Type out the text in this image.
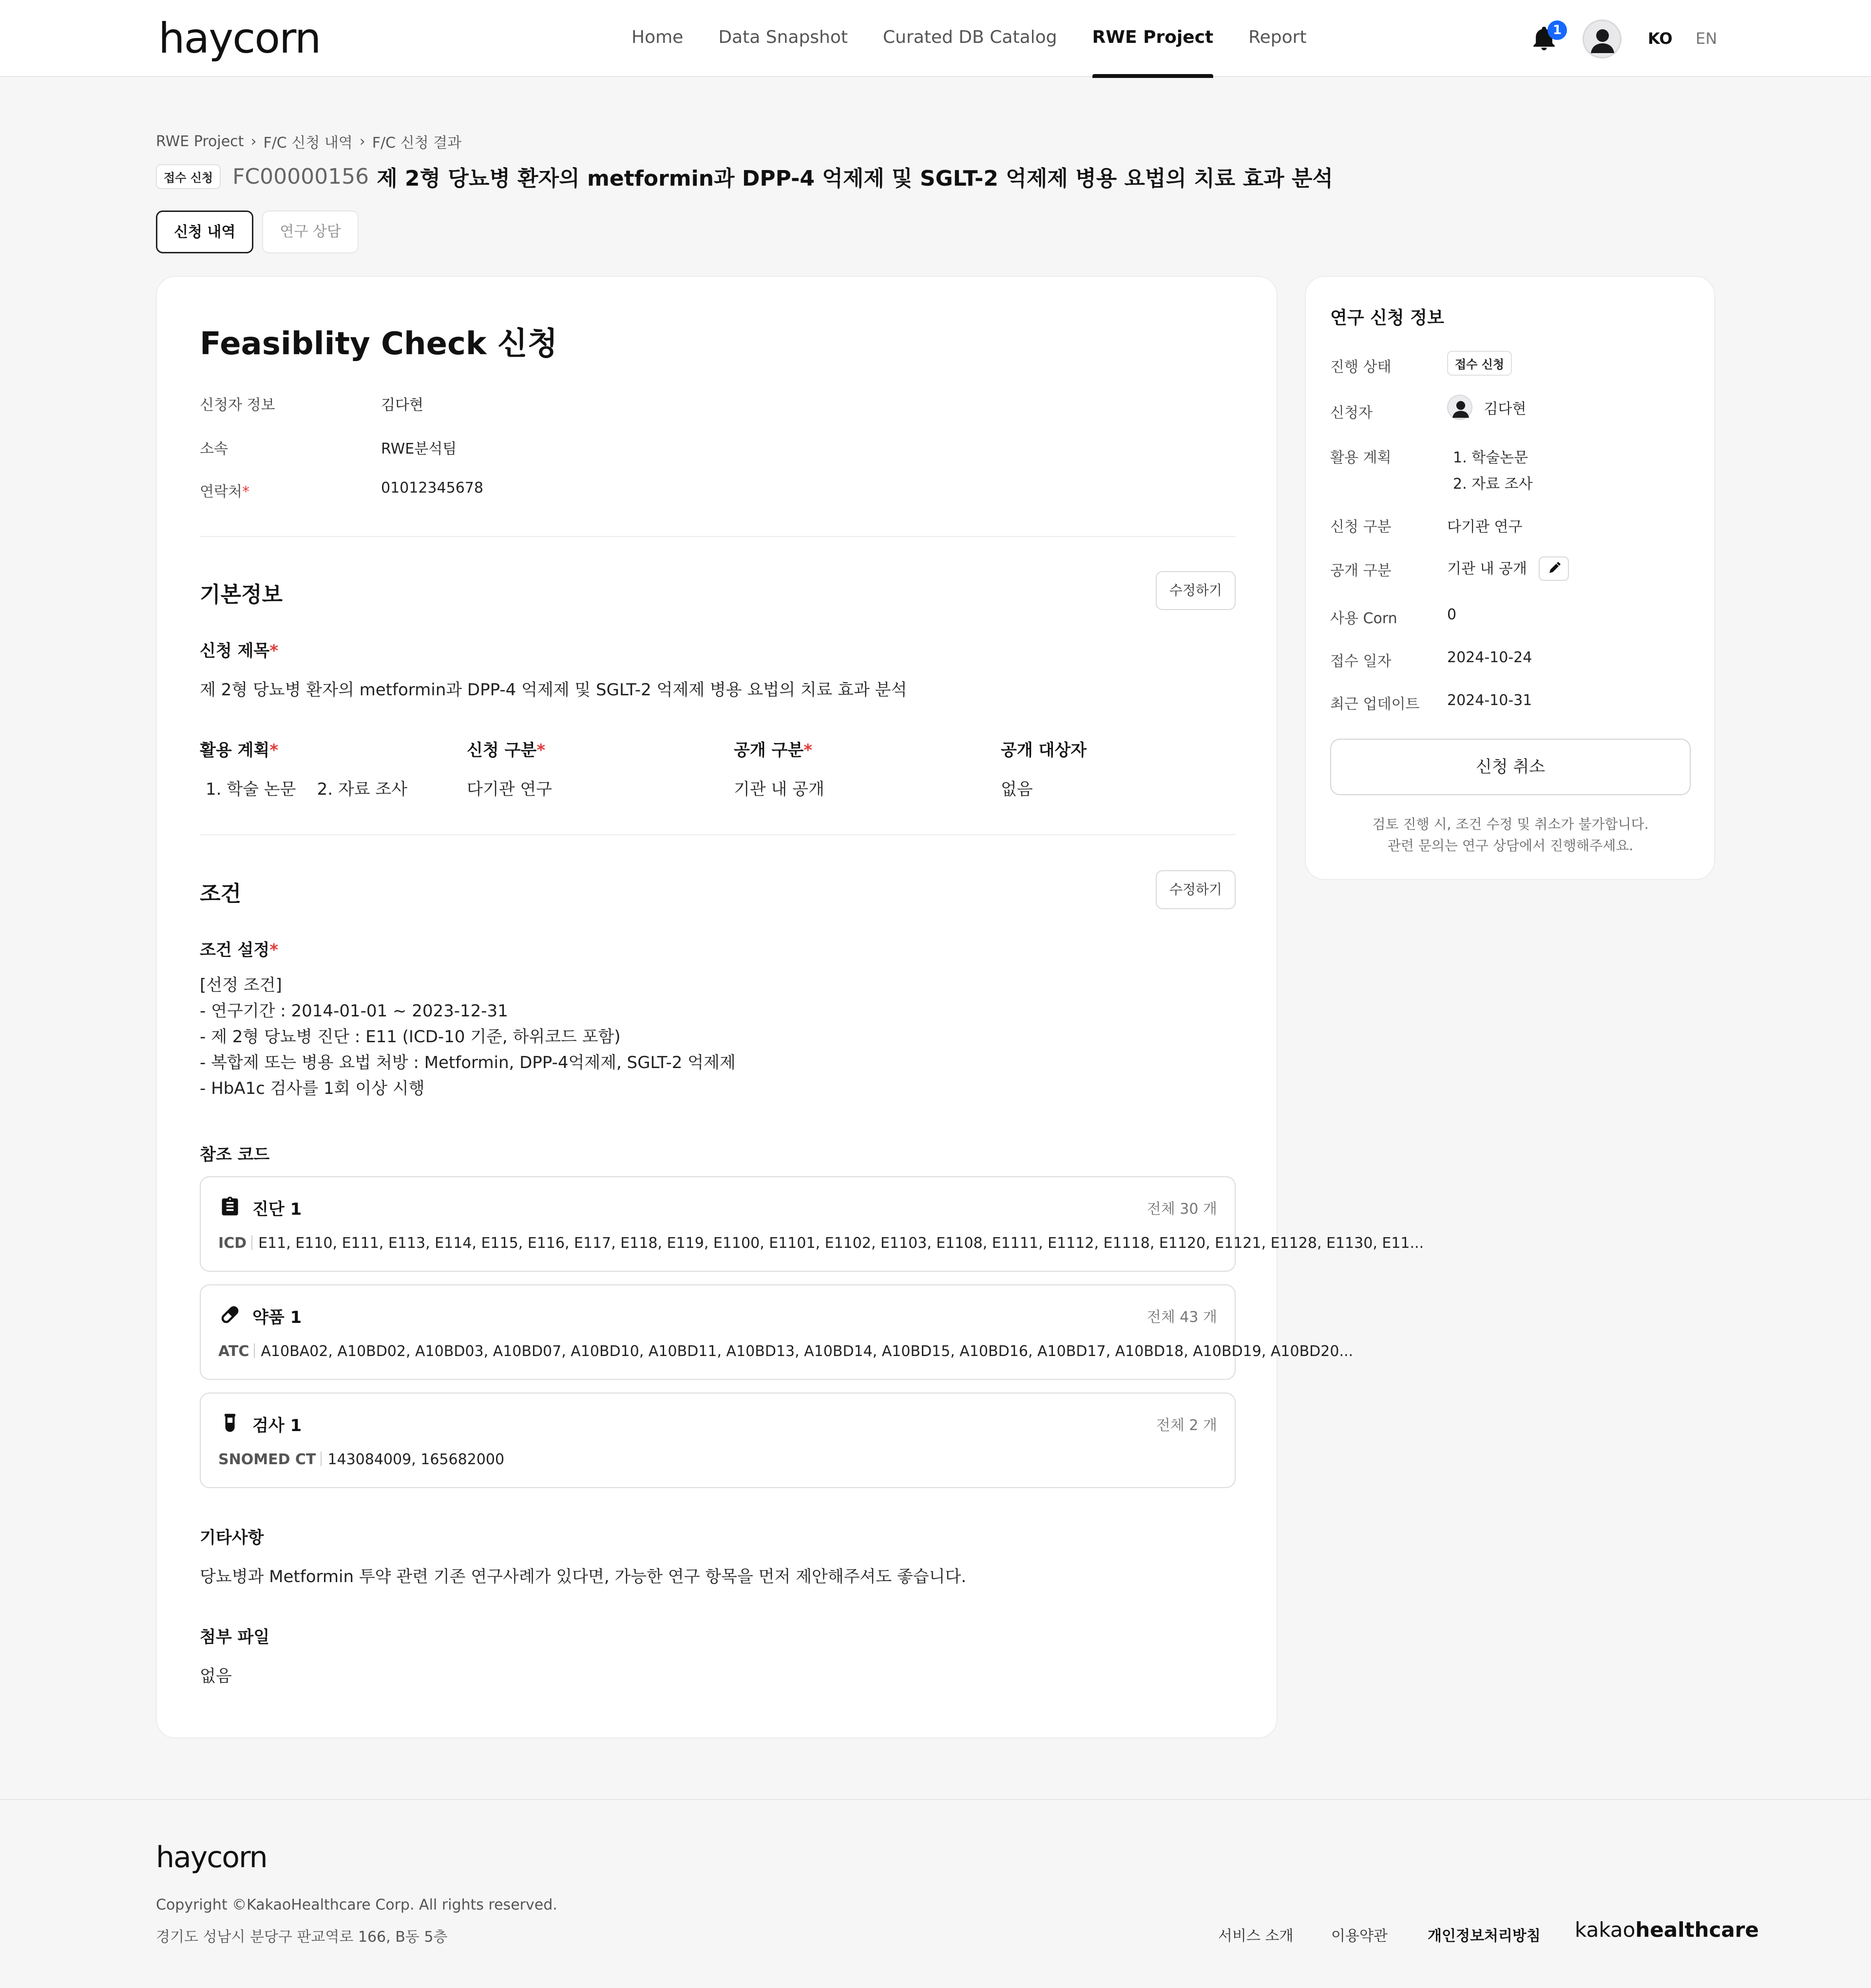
haycorn	Home Data Snapshot Curated DB Catalog RWE Project Report	1	KO EN
RWE Project › F/C 신청 내역 › F/C 신청 결과
접수 신청 FC00000156 제 2형 당뇨병 환자의 metformin과 DPP-4 억제제 및 SGLT-2 억제제 병용 요법의 치료 효과 분석
신청 내역	연구 상담
Feasiblity Check 신청
신청자 정보	김다현
소속	RWE분석팀
연락처*	01012345678
기본정보	수정하기
신청 제목*
제 2형 당뇨병 환자의 metformin과 DPP-4 억제제 및 SGLT-2 억제제 병용 요법의 치료 효과 분석
활용 계획*
1. 학술 논문 2. 자료 조사
신청 구분*
다기관 연구
공개 구분*
기관 내 공개
공개 대상자
없음
조건	수정하기
조건 설정*
[선정 조건]
- 연구기간 : 2014-01-01 ~ 2023-12-31
- 제 2형 당뇨병 진단 : E11 (ICD-10 기준, 하위코드 포함)
- 복합제 또는 병용 요법 처방 : Metformin, DPP-4억제제, SGLT-2 억제제
- HbA1c 검사를 1회 이상 시행
참조 코드
진단 1	전체 30 개
ICD E11, E110, E111, E113, E114, E115, E116, E117, E118, E119, E1100, E1101, E1102, E1103, E1108, E1111, E1112, E1118, E1120, E1121, E1128, E1130, E11...
약품 1	전체 43 개
ATC A10BA02, A10BD02, A10BD03, A10BD07, A10BD10, A10BD11, A10BD13, A10BD14, A10BD15, A10BD16, A10BD17, A10BD18, A10BD19, A10BD20...
검사 1	전체 2 개
SNOMED CT 143084009, 165682000
기타사항
당뇨병과 Metformin 투약 관련 기존 연구사례가 있다면, 가능한 연구 항목을 먼저 제안해주셔도 좋습니다.
첨부 파일
없음
연구 신청 정보
진행 상태	접수 신청
신청자	김다현
활용 계획	1. 학술논문
2. 자료 조사
신청 구분	다기관 연구
공개 구분	기관 내 공개
사용 Corn	0
접수 일자	2024-10-24
최근 업데이트 2024-10-31
신청 취소
검토 진행 시, 조건 수정 및 취소가 불가합니다.
관련 문의는 연구 상담에서 진행해주세요.
haycorn
Copyright ©KakaoHealthcare Corp. All rights reserved.
경기도 성남시 분당구 판교역로 166, B동 5층	서비스 소개	이용약관	개인정보처리방침 kakaohealthcare
